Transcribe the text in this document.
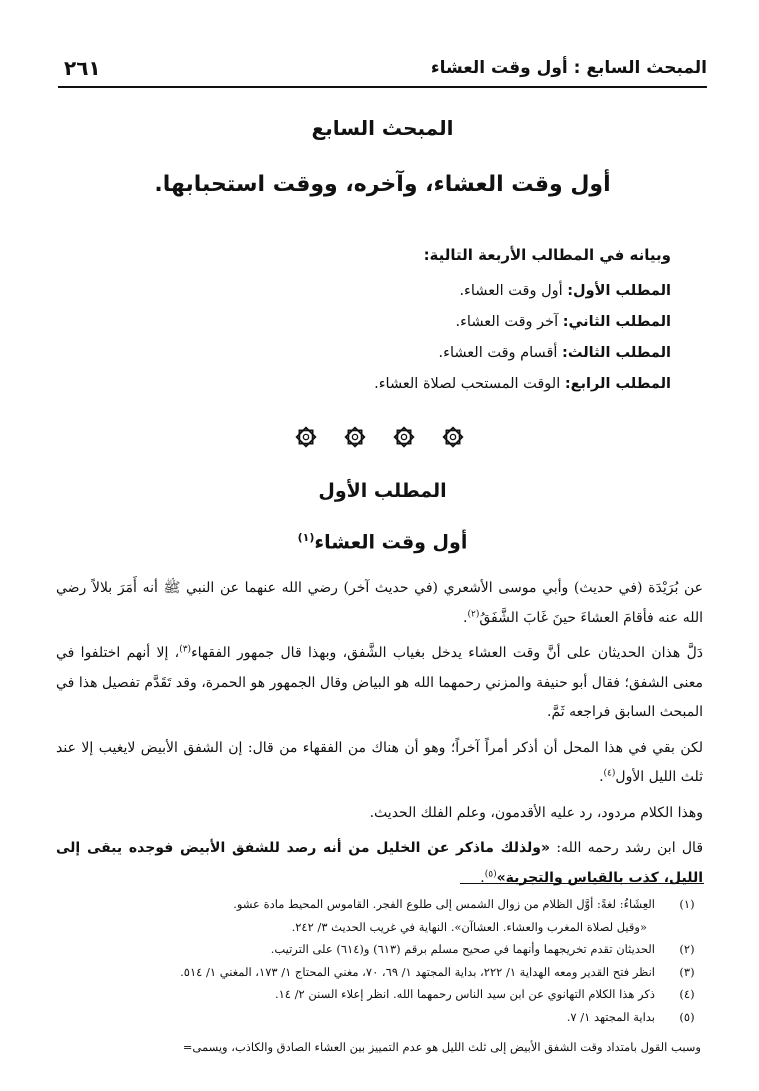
المبحث السابع : أول وقت العشاء
٢٦١
المبحث السابع
أول وقت العشاء، وآخره، ووقت استحبابها.
وبيانه في المطالب الأربعة التالية:
المطلب الأول: أول وقت العشاء.
المطلب الثاني: آخر وقت العشاء.
المطلب الثالث: أقسام وقت العشاء.
المطلب الرابع: الوقت المستحب لصلاة العشاء.

المطلب الأول
أول وقت العشاء$^{(١)}$

عن بُرَيْدَة (في حديث) وأبي موسى الأشعري (في حديث آخر) رضي الله عنهما عن النبي ﷺ أنه أَمَرَ بلالاً رضي الله عنه فأقامَ العشاءَ حينَ غَابَ الشَّفَقُ$^{(٢)}$.

دَلَّ هذان الحديثان على أنَّ وقت العشاء يدخل بغياب الشَّفق، وبهذا قال جمهور الفقهاء$^{(٣)}$، إلا أنهم اختلفوا في معنى الشفق؛ فقال أبو حنيفة والمزني رحمهما الله هو البياض وقال الجمهور هو الحمرة، وقد تَقَدَّم تفصيل هذا في المبحث السابق فراجعه ثَمَّ.

لكن بقي في هذا المحل أن أذكر أمراً آخراً؛ وهو أن هناك من الفقهاء من قال: إن الشفق الأبيض لايغيب إلا عند ثلث الليل الأول$^{(٤)}$.

وهذا الكلام مردود، رد عليه الأقدمون، وعلم الفلك الحديث.

قال ابن رشد رحمه الله: «ولذلك ماذكر عن الخليل من أنه رصد للشفق الأبيض فوجده يبقى إلى الليل، كذب بالقياس والتجربة»$^{(٥)}$.

(١)
العِشَاءُ: لغةً: أوَّل الظلام من زوال الشمس إلى طلوع الفجر. القاموس المحيط مادة عشو.
«وقيل لصلاة المغرب والعشاء. العشاآن». النهاية في غريب الحديث ٣/ ٢٤٢.
(٢)
الحديثان تقدم تخريجهما وأنهما في صحيح مسلم برقم (٦١٣) و(٦١٤) على الترتيب.
(٣)
انظر فتح القدير ومعه الهداية ١/ ٢٢٢، بداية المجتهد ١/ ٦٩، ٧٠، مغني المحتاج ١/ ١٧٣، المغني ١/ ٥١٤.
(٤)
ذكر هذا الكلام التهانوي عن ابن سيد الناس رحمهما الله. انظر إعلاء السنن ٢/ ١٤.
(٥)
بداية المجتهد ١/ ٧.
وسبب القول بامتداد وقت الشفق الأبيض إلى ثلث الليل هو عدم التمييز بين العشاء الصادق والكاذب، ويسمى=
